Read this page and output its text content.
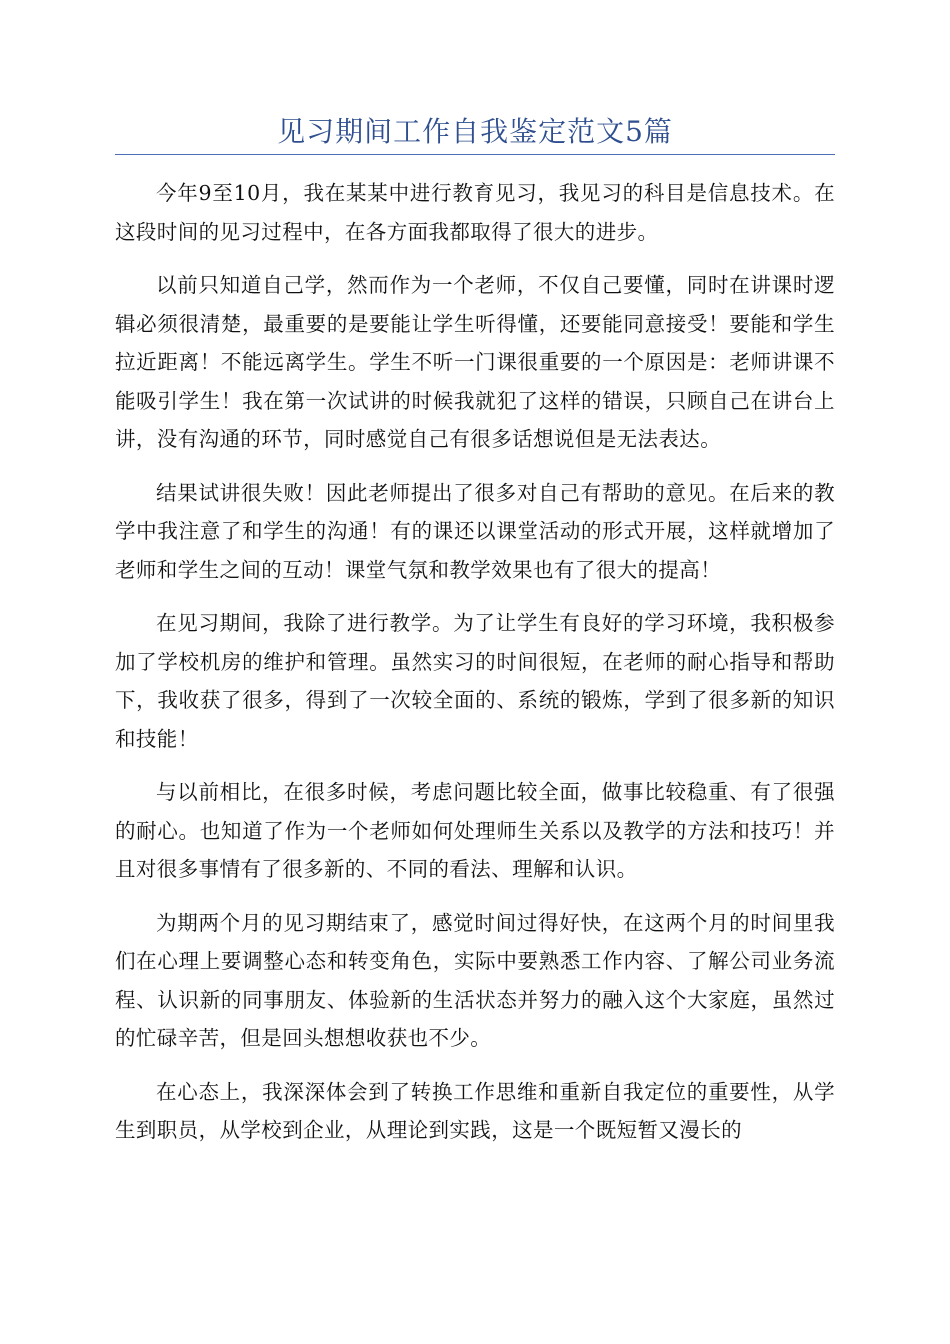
见习期间工作自我鉴定范文5篇

今年9至10月，我在某某中进行教育见习，我见习的科目是信息技术。在这段时间的见习过程中，在各方面我都取得了很大的进步。

以前只知道自己学，然而作为一个老师，不仅自己要懂，同时在讲课时逻辑必须很清楚，最重要的是要能让学生听得懂，还要能同意接受！要能和学生拉近距离！不能远离学生。学生不听一门课很重要的一个原因是：老师讲课不能吸引学生！我在第一次试讲的时候我就犯了这样的错误，只顾自己在讲台上讲，没有沟通的环节，同时感觉自己有很多话想说但是无法表达。

结果试讲很失败！因此老师提出了很多对自己有帮助的意见。在后来的教学中我注意了和学生的沟通！有的课还以课堂活动的形式开展，这样就增加了老师和学生之间的互动！课堂气氛和教学效果也有了很大的提高！

在见习期间，我除了进行教学。为了让学生有良好的学习环境，我积极参加了学校机房的维护和管理。虽然实习的时间很短，在老师的耐心指导和帮助下，我收获了很多，得到了一次较全面的、系统的锻炼，学到了很多新的知识和技能！

与以前相比，在很多时候，考虑问题比较全面，做事比较稳重、有了很强的耐心。也知道了作为一个老师如何处理师生关系以及教学的方法和技巧！并且对很多事情有了很多新的、不同的看法、理解和认识。

为期两个月的见习期结束了，感觉时间过得好快，在这两个月的时间里我们在心理上要调整心态和转变角色，实际中要熟悉工作内容、了解公司业务流程、认识新的同事朋友、体验新的生活状态并努力的融入这个大家庭，虽然过的忙碌辛苦，但是回头想想收获也不少。

在心态上，我深深体会到了转换工作思维和重新自我定位的重要性，从学生到职员，从学校到企业，从理论到实践，这是一个既短暂又漫长的
